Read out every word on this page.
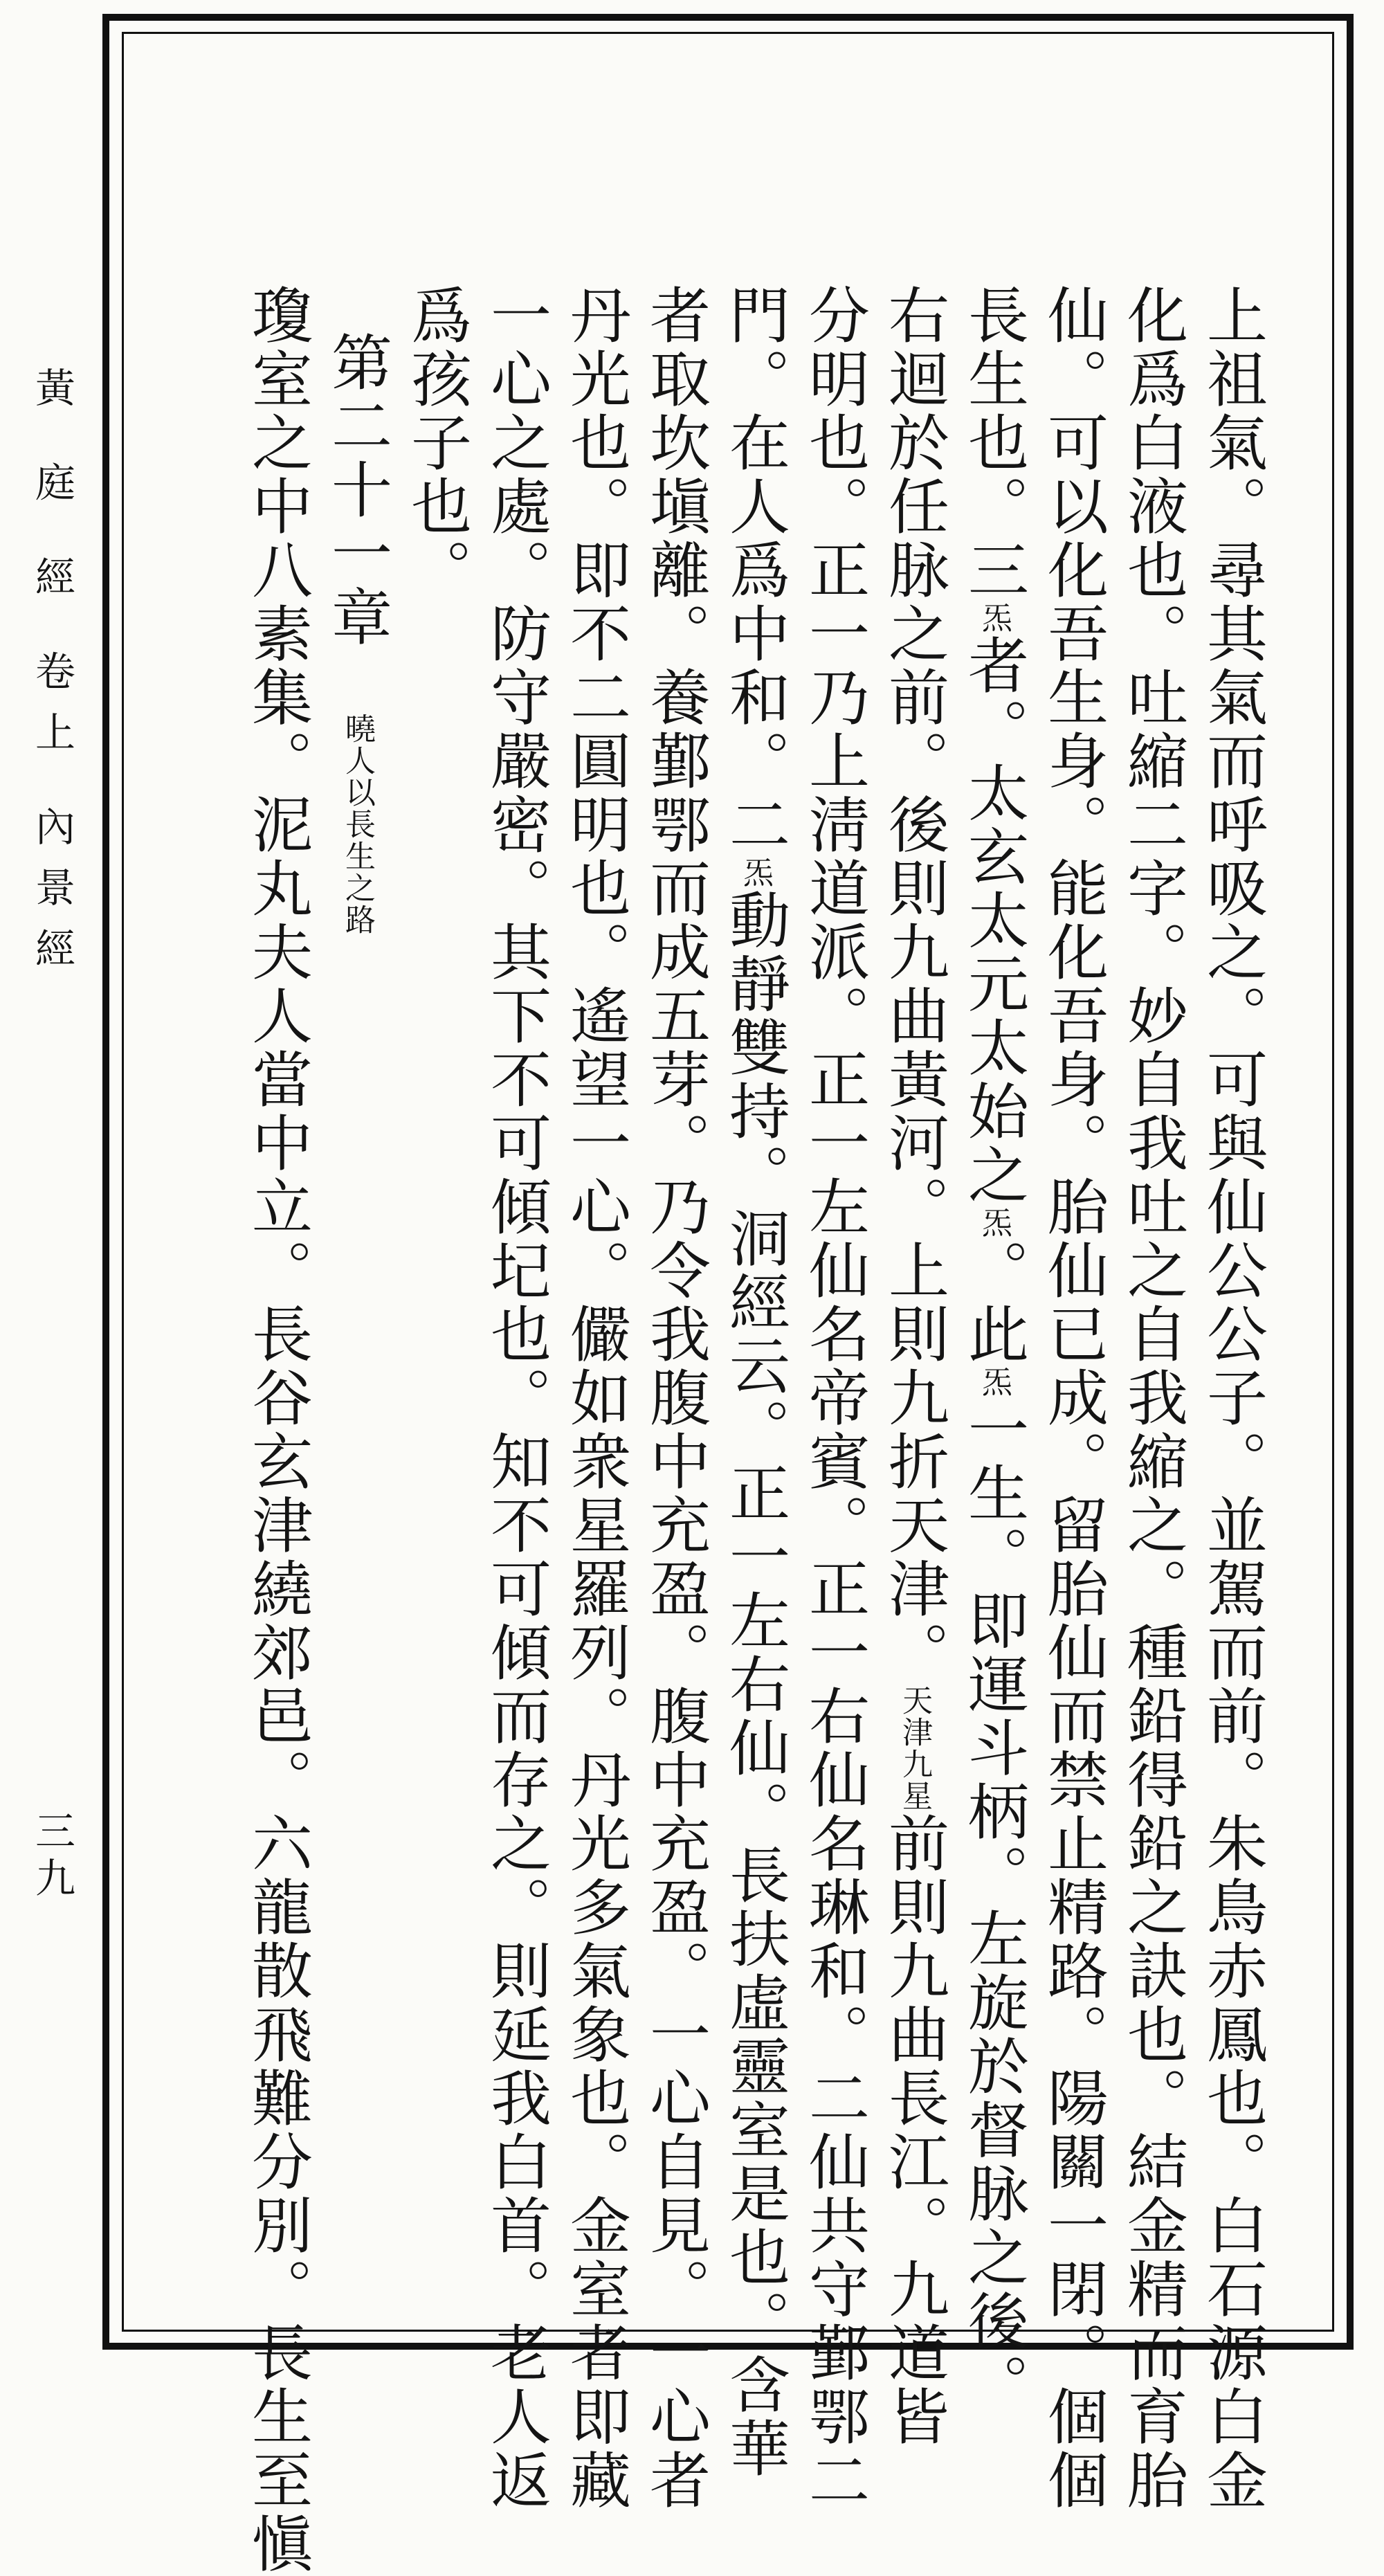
黃 庭 經 卷上 內景經
三九	上祖氣。尋其氣而呼吸之。可與仙公公子。並駕而前。朱鳥赤鳳也。白石源白金
化爲白液也。吐縮二字。妙自我吐之自我縮之。種鉛得鉛之訣也。結金精而育胎
仙。可以化吾生身。能化吾身。胎仙已成。留胎仙而禁止精路。陽關一閉。個個
長生也。三炁者。太玄太元太始之炁。此炁一生。即運斗柄。左旋於督脉之後。
右迴於任脉之前。後則九曲黃河。上則九折天津。天津九星前則九曲長江。九道皆
分明也。正一乃上淸道派。正一左仙名帝賓。正一右仙名琳和。二仙共守鄞鄂二
門。在人爲中和。二炁動靜雙持。洞經云。正一左右仙。長扶虛靈室是也。含華
者取坎塡離。養鄞鄂而成五芽。乃令我腹中充盈。腹中充盈。一心自見。一心者
丹光也。即不二圓明也。遙望一心。儼如衆星羅列。丹光多氣象也。金室者即藏
一心之處。防守嚴密。其下不可傾圮也。知不可傾而存之。則延我白首。老人返
爲孩子也。
第二十一章　曉人以長生之路
瓊室之中八素集。泥丸夫人當中立。長谷玄津繞郊邑。六龍散飛難分別。長生至愼
